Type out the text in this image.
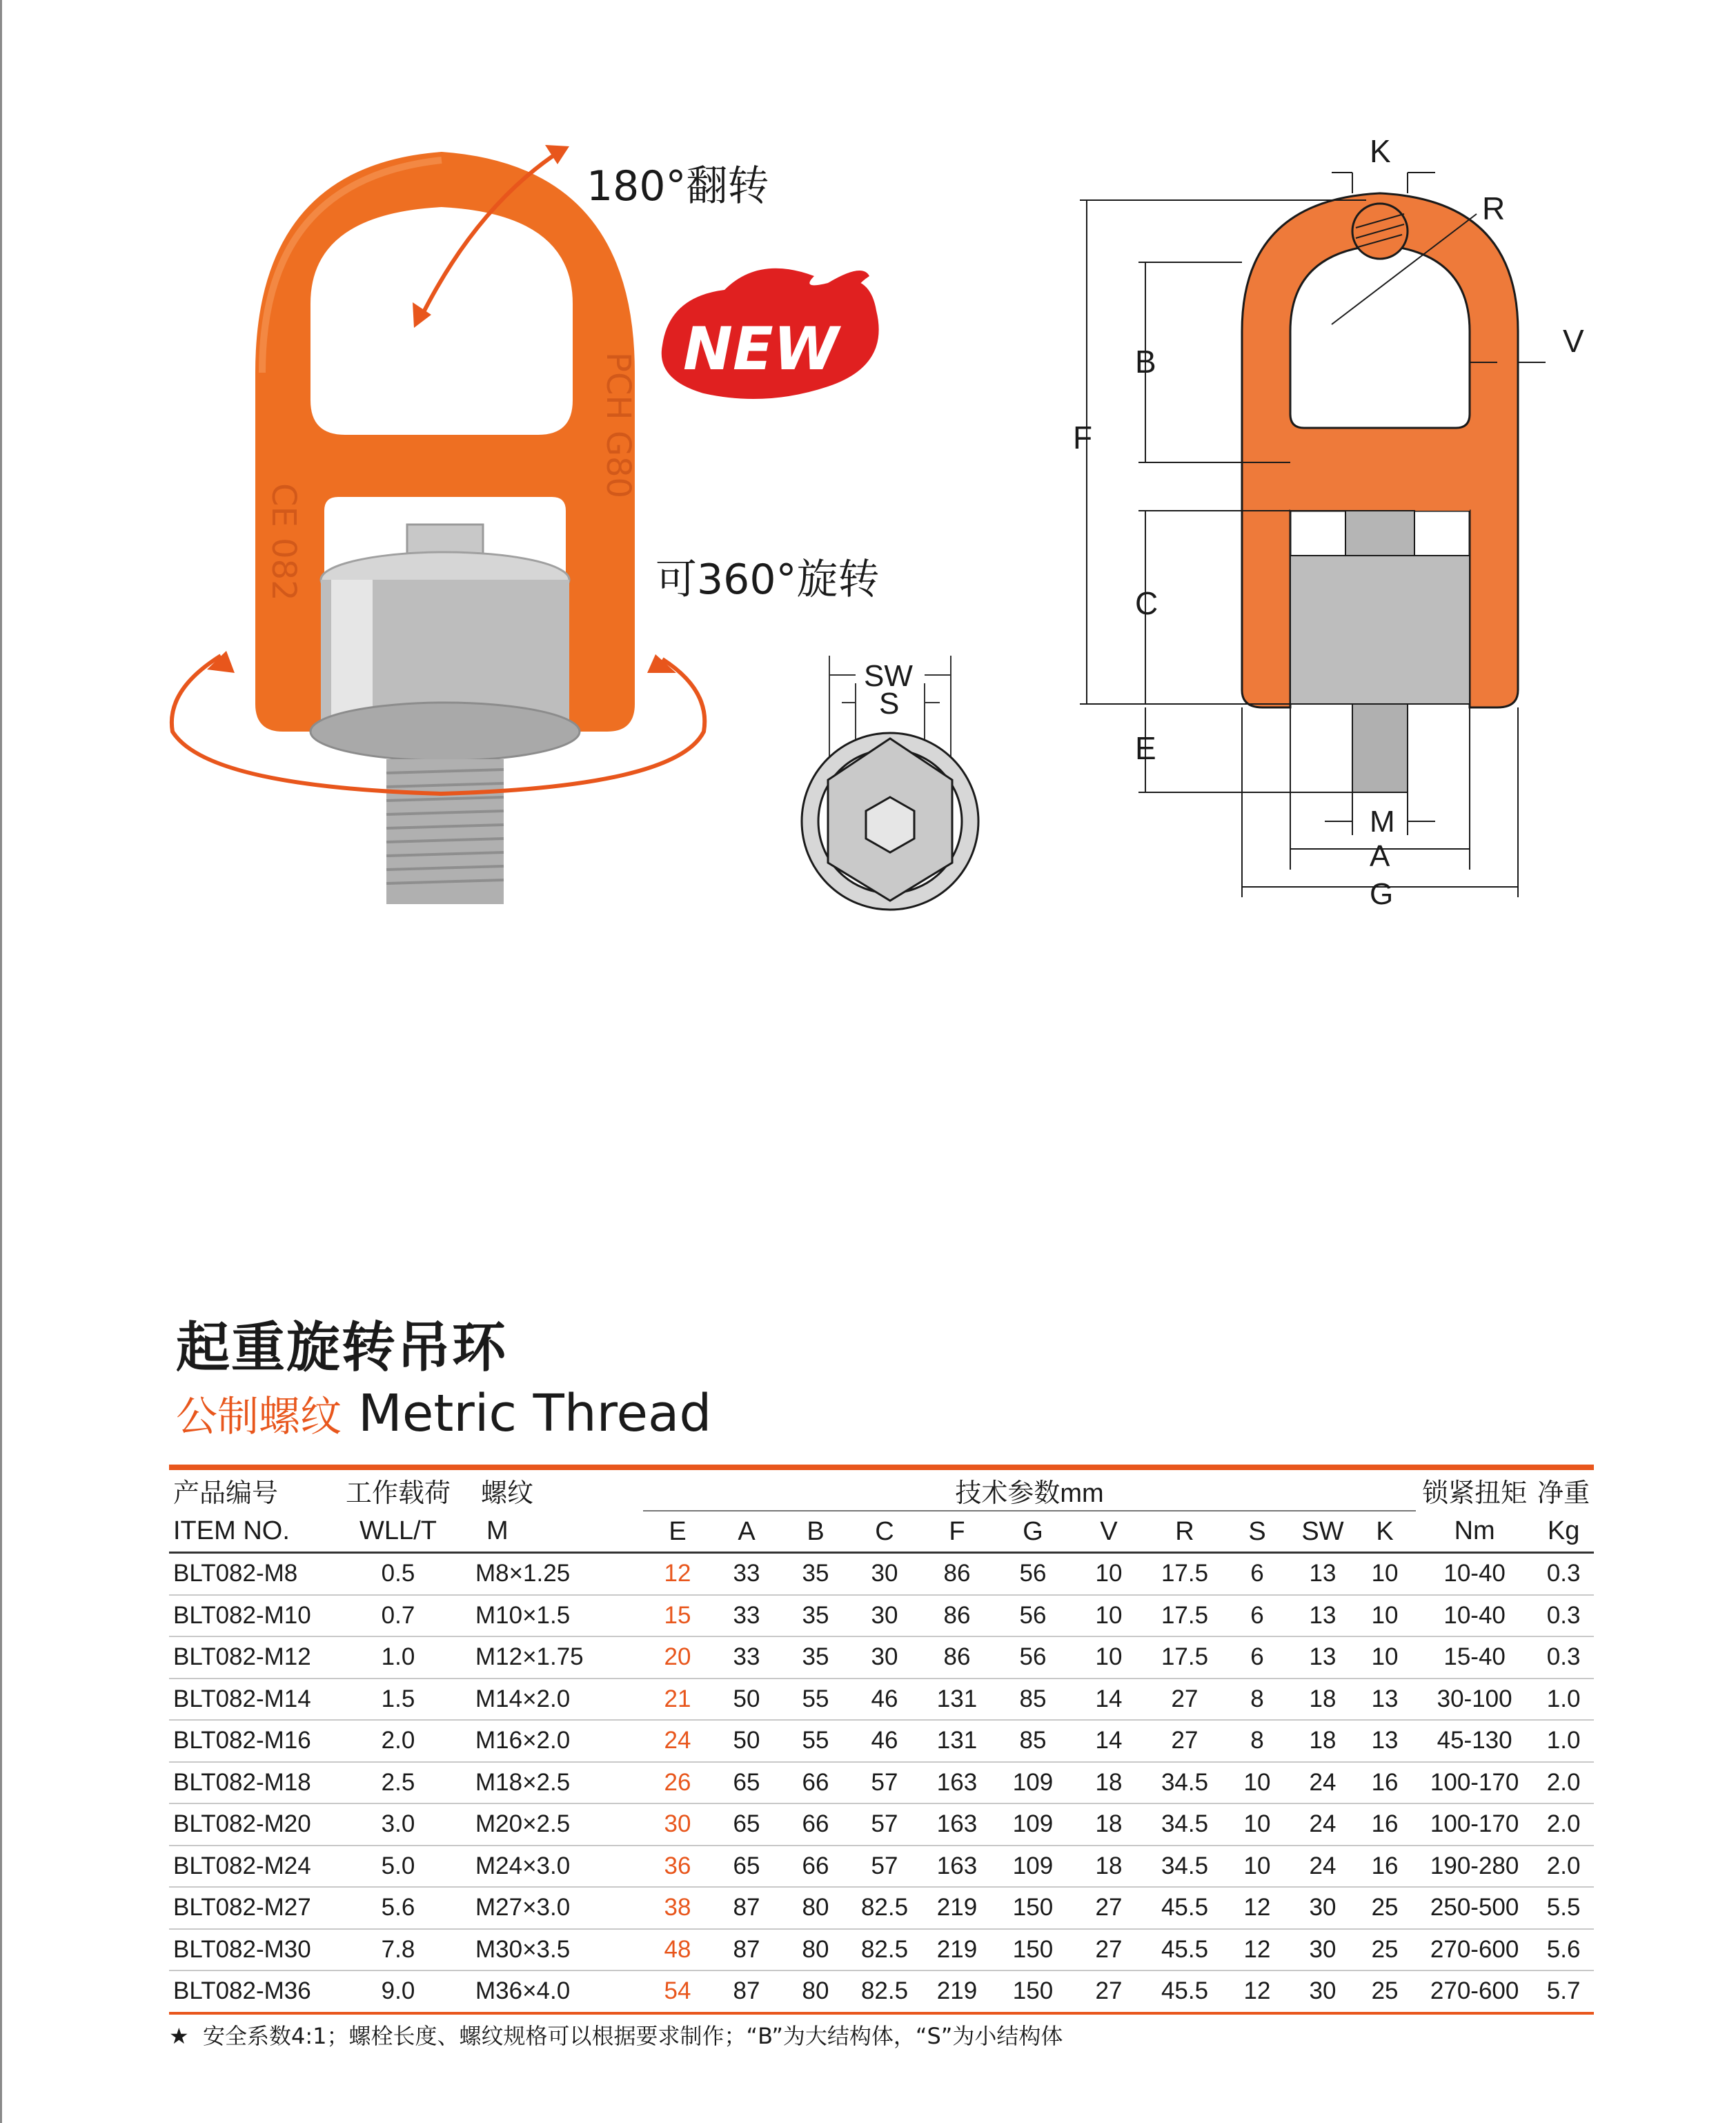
CE 082
PCH G80
180°翻转
可360°旋转
NEW
SW
S
K
R
V
B
F
C
E
M
A
G
起重旋转吊环
公制螺纹 Metric Thread
产品编号	工作载荷	螺纹	技术参数mm											锁紧扭矩	净重
ITEM NO.	WLL/T	M	E	A	B	C	F	G	V	R	S	SW	K	Nm	Kg
BLT082-M8	0.5	M8×1.25	12	33	35	30	86	56	10	17.5	6	13	10	10-40	0.3
BLT082-M10	0.7	M10×1.5	15	33	35	30	86	56	10	17.5	6	13	10	10-40	0.3
BLT082-M12	1.0	M12×1.75	20	33	35	30	86	56	10	17.5	6	13	10	15-40	0.3
BLT082-M14	1.5	M14×2.0	21	50	55	46	131	85	14	27	8	18	13	30-100	1.0
BLT082-M16	2.0	M16×2.0	24	50	55	46	131	85	14	27	8	18	13	45-130	1.0
BLT082-M18	2.5	M18×2.5	26	65	66	57	163	109	18	34.5	10	24	16	100-170	2.0
BLT082-M20	3.0	M20×2.5	30	65	66	57	163	109	18	34.5	10	24	16	100-170	2.0
BLT082-M24	5.0	M24×3.0	36	65	66	57	163	109	18	34.5	10	24	16	190-280	2.0
BLT082-M27	5.6	M27×3.0	38	87	80	82.5	219	150	27	45.5	12	30	25	250-500	5.5
BLT082-M30	7.8	M30×3.5	48	87	80	82.5	219	150	27	45.5	12	30	25	270-600	5.6
BLT082-M36	9.0	M36×4.0	54	87	80	82.5	219	150	27	45.5	12	30	25	270-600	5.7
★ 安全系数4:1；螺栓长度、螺纹规格可以根据要求制作；“B”为大结构体，“S”为小结构体
